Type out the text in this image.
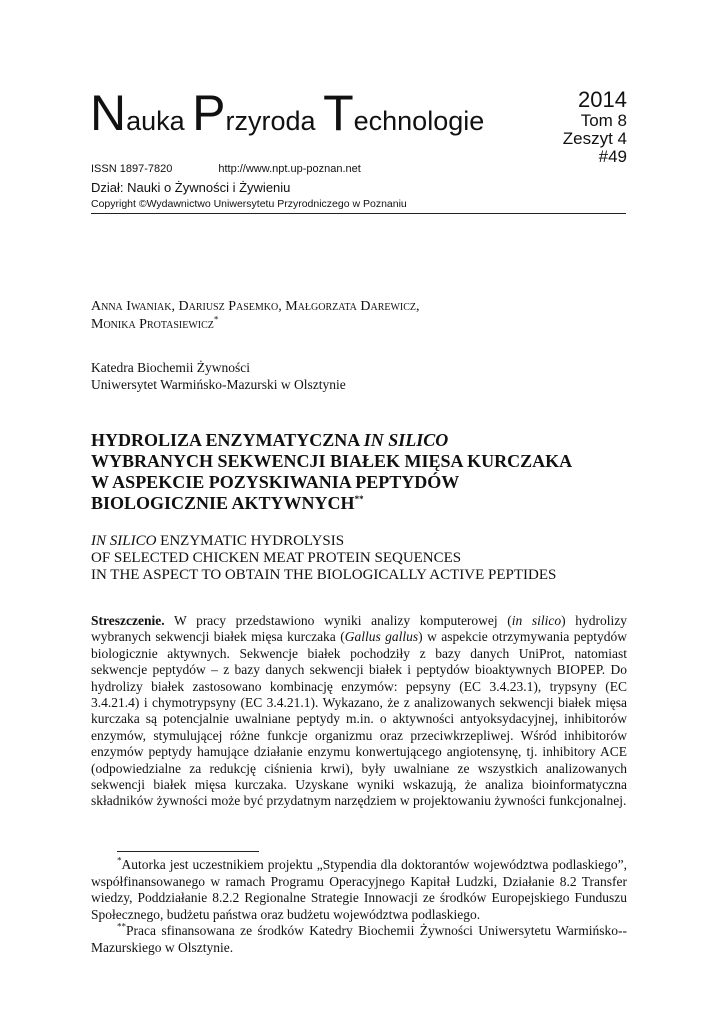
Nauka Przyroda Technologie
2014
Tom 8
Zeszyt 4
#49
ISSN 1897-7820	http://www.npt.up-poznan.net
Dział: Nauki o Żywności i Żywieniu
Copyright ©Wydawnictwo Uniwersytetu Przyrodniczego w Poznaniu
Anna Iwaniak, Dariusz Pasemko, Małgorzata Darewicz,
Monika Protasiewicz*
Katedra Biochemii Żywności
Uniwersytet Warmińsko-Mazurski w Olsztynie
HYDROLIZA ENZYMATYCZNA IN SILICO
WYBRANYCH SEKWENCJI BIAŁEK MIĘSA KURCZAKA
W ASPEKCIE POZYSKIWANIA PEPTYDÓW
BIOLOGICZNIE AKTYWNYCH**
IN SILICO ENZYMATIC HYDROLYSIS
OF SELECTED CHICKEN MEAT PROTEIN SEQUENCES
IN THE ASPECT TO OBTAIN THE BIOLOGICALLY ACTIVE PEPTIDES
Streszczenie. W pracy przedstawiono wyniki analizy komputerowej (in silico) hydrolizy wybranych sekwencji białek mięsa kurczaka (Gallus gallus) w aspekcie otrzymywania peptydów biologicznie aktywnych. Sekwencje białek pochodziły z bazy danych UniProt, natomiast sekwencje peptydów – z bazy danych sekwencji białek i peptydów bioaktywnych BIOPEP. Do hydrolizy białek zastosowano kombinację enzymów: pepsyny (EC 3.4.23.1), trypsyny (EC 3.4.21.4) i chymotrypsyny (EC 3.4.21.1). Wykazano, że z analizowanych sekwencji białek mięsa kurczaka są potencjalnie uwalniane peptydy m.in. o aktywności antyoksydacyjnej, inhibitorów enzymów, stymulującej różne funkcje organizmu oraz przeciwkrzepliwej. Wśród inhibitorów enzymów peptydy hamujące działanie enzymu konwertującego angiotensynę, tj. inhibitory ACE (odpowiedzialne za redukcję ciśnienia krwi), były uwalniane ze wszystkich analizowanych sekwencji białek mięsa kurczaka. Uzyskane wyniki wskazują, że analiza bioinformatyczna składników żywności może być przydatnym narzędziem w projektowaniu żywności funkcjonalnej.

*Autorka jest uczestnikiem projektu „Stypendia dla doktorantów województwa podlaskiego”, współfinansowanego w ramach Programu Operacyjnego Kapitał Ludzki, Działanie 8.2 Transfer wiedzy, Poddziałanie 8.2.2 Regionalne Strategie Innowacji ze środków Europejskiego Funduszu Społecznego, budżetu państwa oraz budżetu województwa podlaskiego.

**Praca sfinansowana ze środków Katedry Biochemii Żywności Uniwersytetu Warmińsko--Mazurskiego w Olsztynie.
